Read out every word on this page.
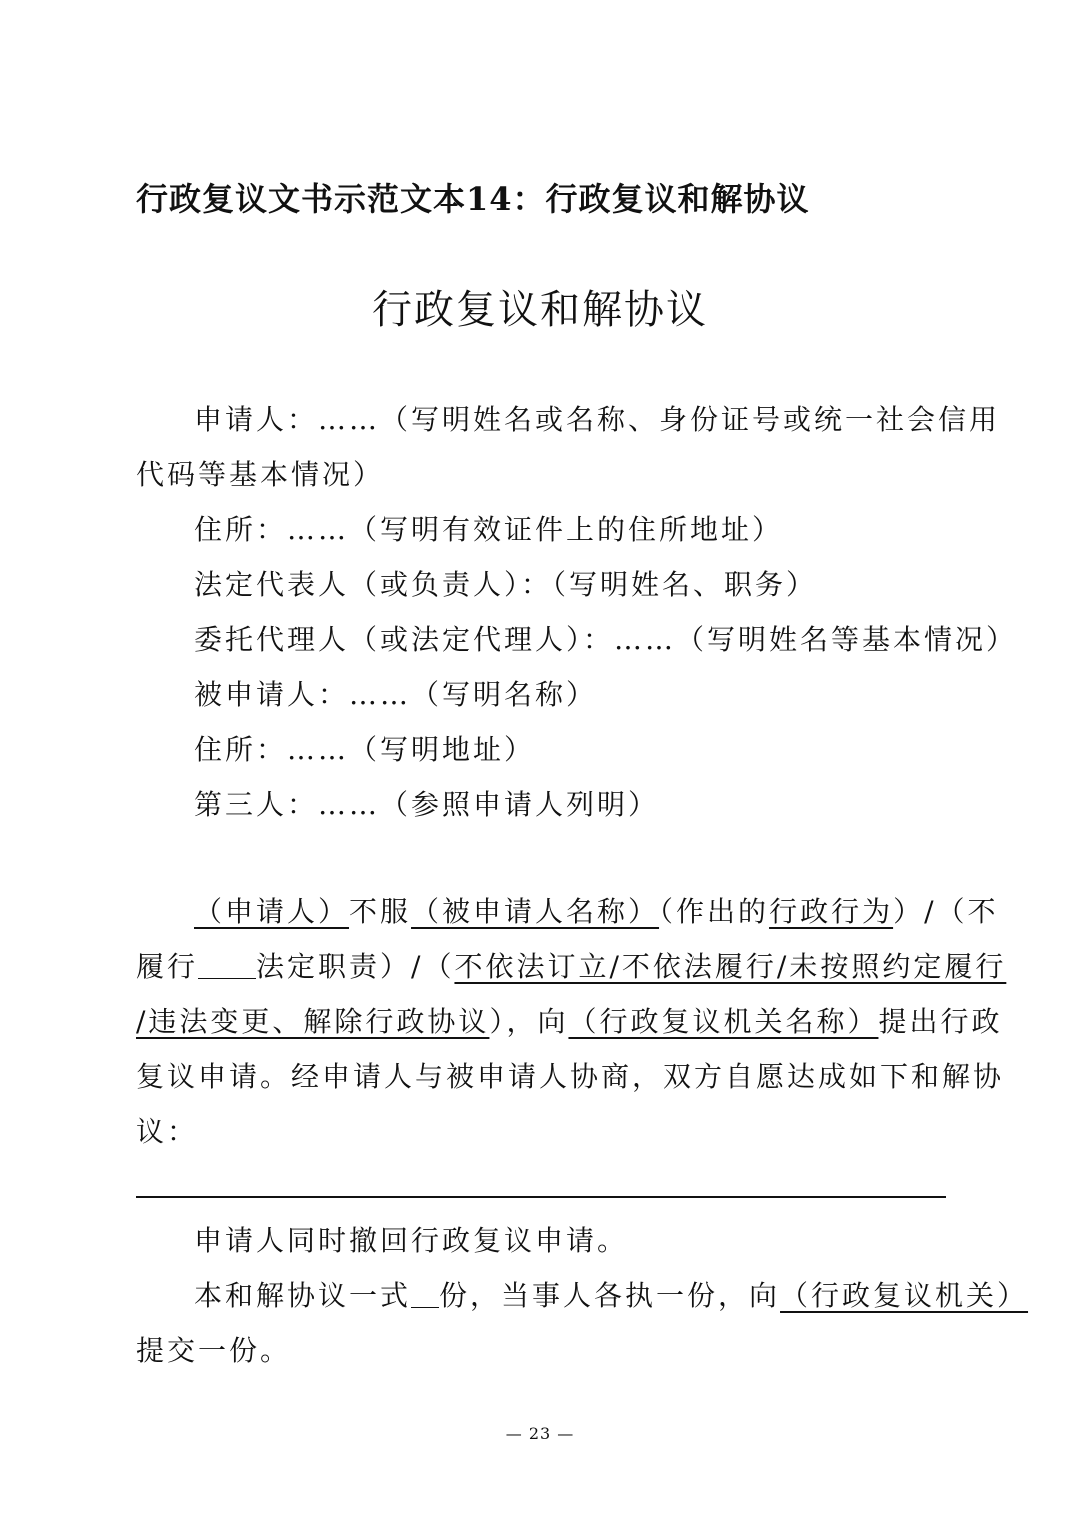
行政复议文书示范文本14：行政复议和解协议
行政复议和解协议

申请人：……（写明姓名或名称、身份证号或统一社会信用

代码等基本情况）

住所：……（写明有效证件上的住所地址）

法定代表人（或负责人）：（写明姓名、职务）

委托代理人（或法定代理人）：……（写明姓名等基本情况）

被申请人：……（写明名称）

住所：……（写明地址）

第三人：……（参照申请人列明）

（申请人）不服（被申请人名称）（作出的行政行为）/（不

履行 法定职责）/（不依法订立/不依法履行/未按照约定履行

/违法变更、解除行政协议），向（行政复议机关名称）提出行政

复议申请。经申请人与被申请人协商，双方自愿达成如下和解协

议：

申请人同时撤回行政复议申请。

本和解协议一式 份，当事人各执一份，向（行政复议机关）

提交一份。

— 23 —
